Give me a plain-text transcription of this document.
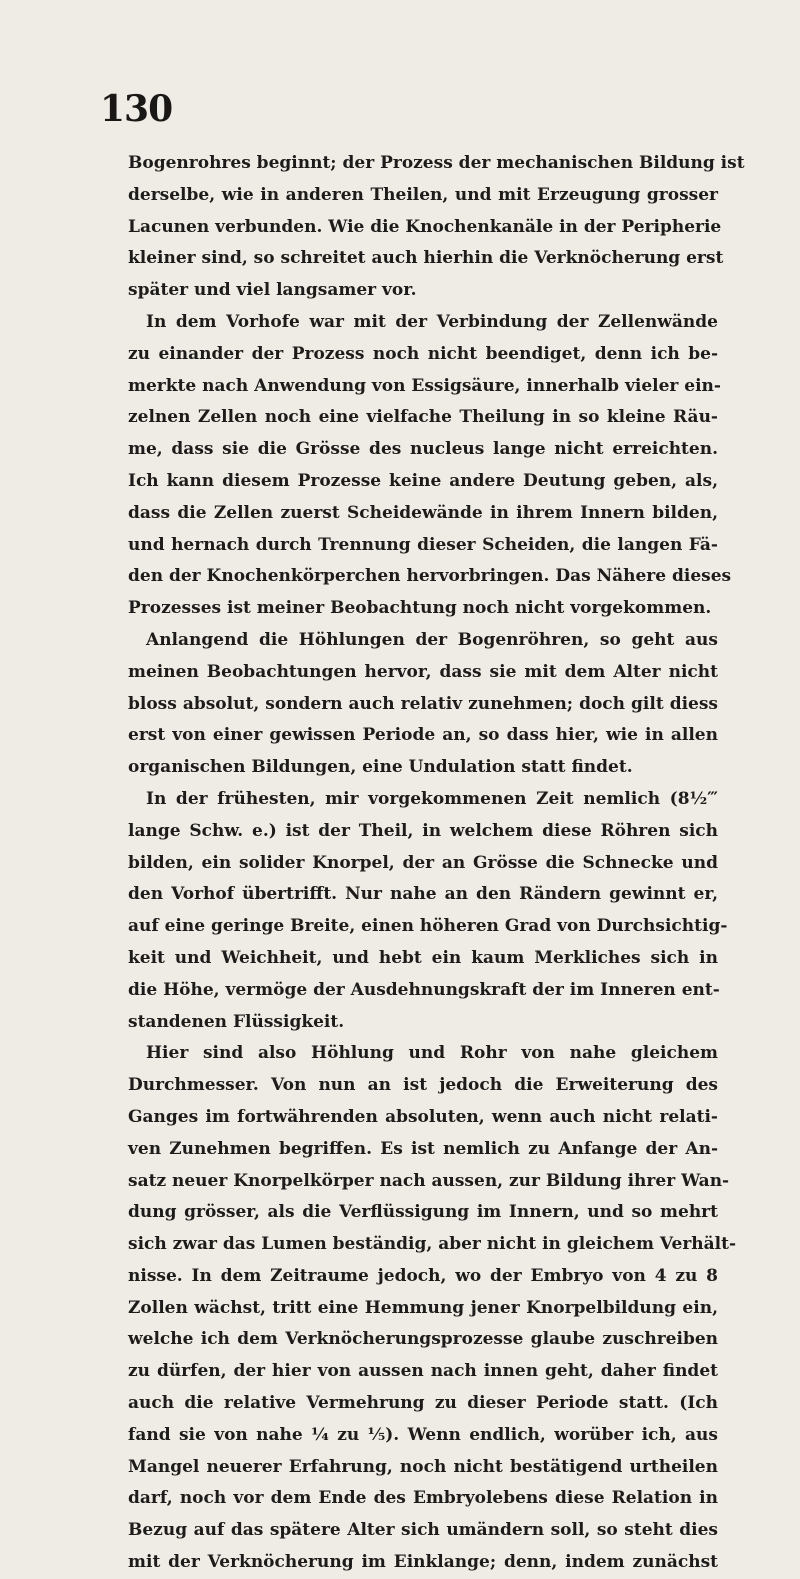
130
Bogenrohres beginnt; der Prozess der mechanischen Bildung ist
derselbe, wie in anderen Theilen, und mit Erzeugung grosser
Lacunen verbunden. Wie die Knochenkanäle in der Peripherie
kleiner sind, so schreitet auch hierhin die Verknöcherung erst
später und viel langsamer vor.
In dem Vorhofe war mit der Verbindung der Zellenwände
zu einander der Prozess noch nicht beendiget, denn ich be-
merkte nach Anwendung von Essigsäure, innerhalb vieler ein-
zelnen Zellen noch eine vielfache Theilung in so kleine Räu-
me, dass sie die Grösse des nucleus lange nicht erreichten.
Ich kann diesem Prozesse keine andere Deutung geben, als,
dass die Zellen zuerst Scheidewände in ihrem Innern bilden,
und hernach durch Trennung dieser Scheiden, die langen Fä-
den der Knochenkörperchen hervorbringen. Das Nähere dieses
Prozesses ist meiner Beobachtung noch nicht vorgekommen.
Anlangend die Höhlungen der Bogenröhren, so geht aus
meinen Beobachtungen hervor, dass sie mit dem Alter nicht
bloss absolut, sondern auch relativ zunehmen; doch gilt diess
erst von einer gewissen Periode an, so dass hier, wie in allen
organischen Bildungen, eine Undulation statt findet.
In der frühesten, mir vorgekommenen Zeit nemlich (8½‴
lange Schw. e.) ist der Theil, in welchem diese Röhren sich
bilden, ein solider Knorpel, der an Grösse die Schnecke und
den Vorhof übertrifft. Nur nahe an den Rändern gewinnt er,
auf eine geringe Breite, einen höheren Grad von Durchsichtig-
keit und Weichheit, und hebt ein kaum Merkliches sich in
die Höhe, vermöge der Ausdehnungskraft der im Inneren ent-
standenen Flüssigkeit.
Hier sind also Höhlung und Rohr von nahe gleichem
Durchmesser. Von nun an ist jedoch die Erweiterung des
Ganges im fortwährenden absoluten, wenn auch nicht relati-
ven Zunehmen begriffen. Es ist nemlich zu Anfange der An-
satz neuer Knorpelkörper nach aussen, zur Bildung ihrer Wan-
dung grösser, als die Verflüssigung im Innern, und so mehrt
sich zwar das Lumen beständig, aber nicht in gleichem Verhält-
nisse. In dem Zeitraume jedoch, wo der Embryo von 4 zu 8
Zollen wächst, tritt eine Hemmung jener Knorpelbildung ein,
welche ich dem Verknöcherungsprozesse glaube zuschreiben
zu dürfen, der hier von aussen nach innen geht, daher findet
auch die relative Vermehrung zu dieser Periode statt. (Ich
fand sie von nahe ¼ zu ⅕). Wenn endlich, worüber ich, aus
Mangel neuerer Erfahrung, noch nicht bestätigend urtheilen
darf, noch vor dem Ende des Embryolebens diese Relation in
Bezug auf das spätere Alter sich umändern soll, so steht dies
mit der Verknöcherung im Einklange; denn, indem zunächst
